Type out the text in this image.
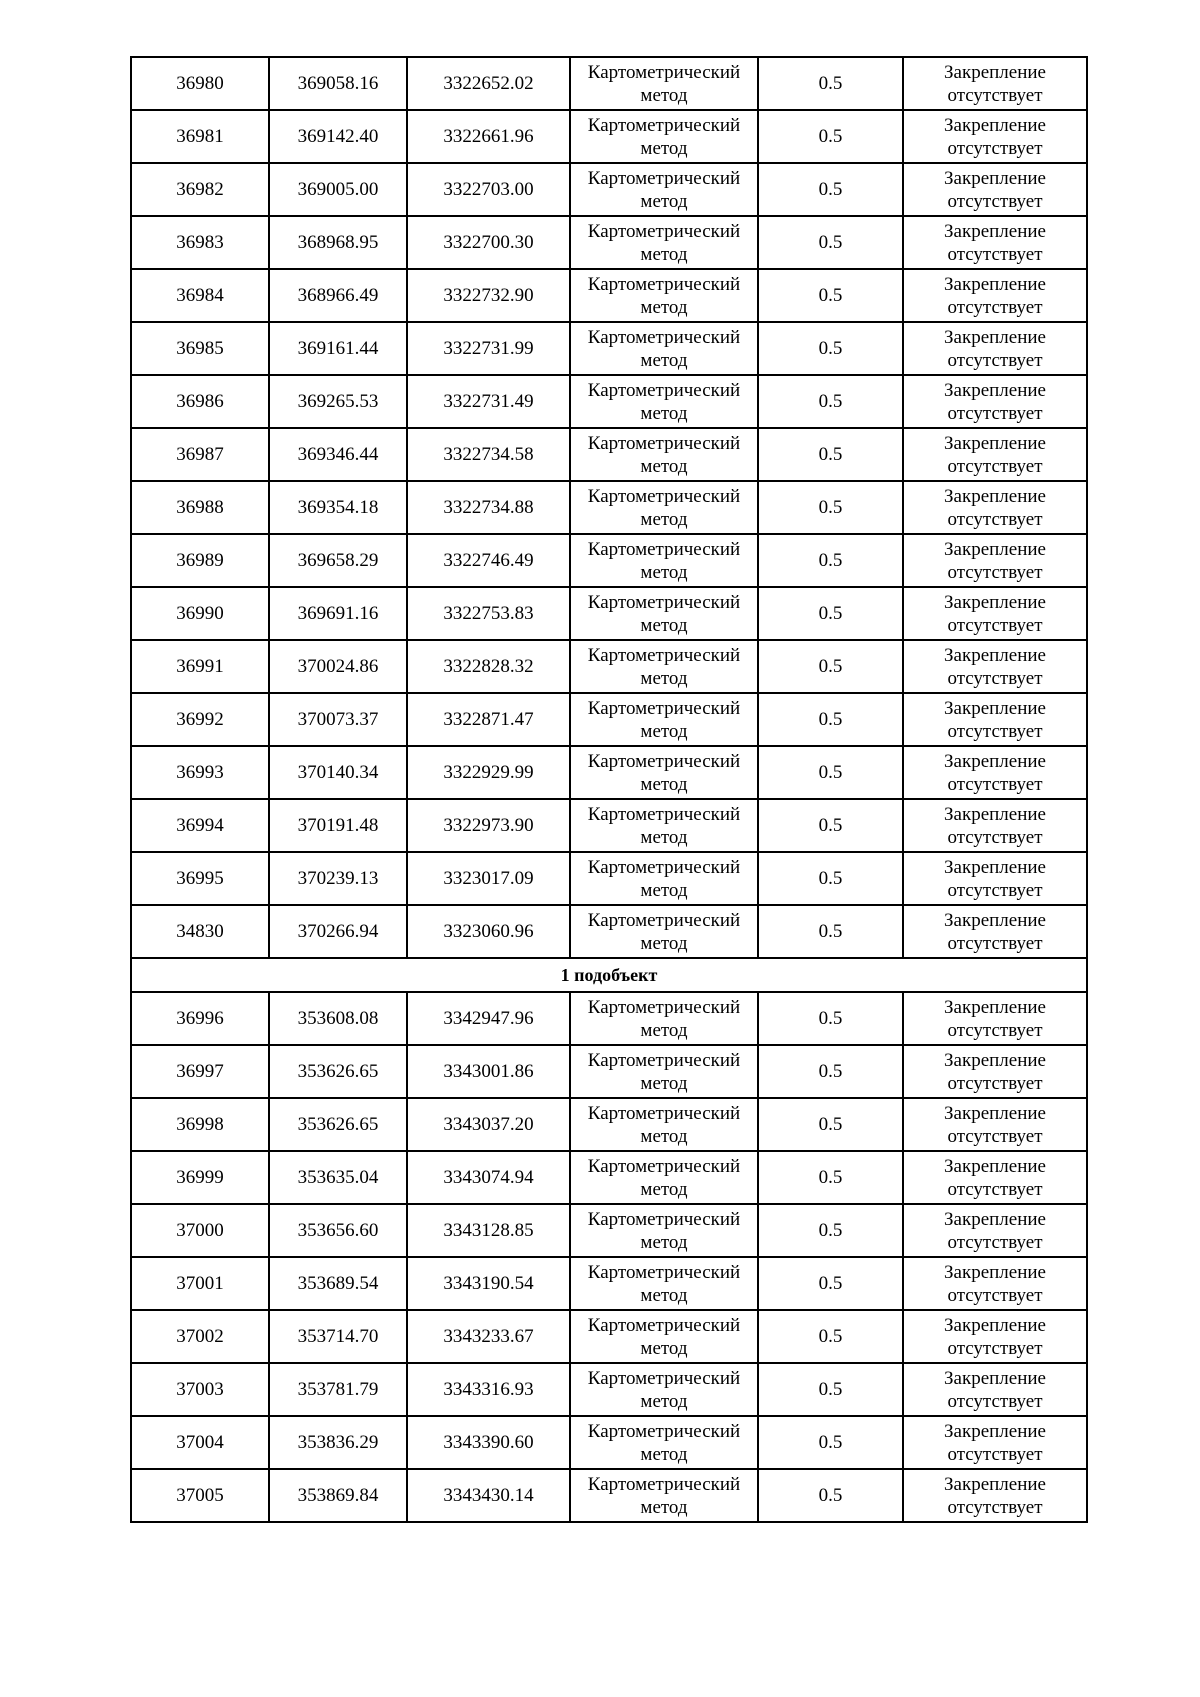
36980	369058.16	3322652.02	Картометрический метод	0.5	Закрепление отсутствует
36981	369142.40	3322661.96	Картометрический метод	0.5	Закрепление отсутствует
36982	369005.00	3322703.00	Картометрический метод	0.5	Закрепление отсутствует
36983	368968.95	3322700.30	Картометрический метод	0.5	Закрепление отсутствует
36984	368966.49	3322732.90	Картометрический метод	0.5	Закрепление отсутствует
36985	369161.44	3322731.99	Картометрический метод	0.5	Закрепление отсутствует
36986	369265.53	3322731.49	Картометрический метод	0.5	Закрепление отсутствует
36987	369346.44	3322734.58	Картометрический метод	0.5	Закрепление отсутствует
36988	369354.18	3322734.88	Картометрический метод	0.5	Закрепление отсутствует
36989	369658.29	3322746.49	Картометрический метод	0.5	Закрепление отсутствует
36990	369691.16	3322753.83	Картометрический метод	0.5	Закрепление отсутствует
36991	370024.86	3322828.32	Картометрический метод	0.5	Закрепление отсутствует
36992	370073.37	3322871.47	Картометрический метод	0.5	Закрепление отсутствует
36993	370140.34	3322929.99	Картометрический метод	0.5	Закрепление отсутствует
36994	370191.48	3322973.90	Картометрический метод	0.5	Закрепление отсутствует
36995	370239.13	3323017.09	Картометрический метод	0.5	Закрепление отсутствует
34830	370266.94	3323060.96	Картометрический метод	0.5	Закрепление отсутствует
1 подобъект					
36996	353608.08	3342947.96	Картометрический метод	0.5	Закрепление отсутствует
36997	353626.65	3343001.86	Картометрический метод	0.5	Закрепление отсутствует
36998	353626.65	3343037.20	Картометрический метод	0.5	Закрепление отсутствует
36999	353635.04	3343074.94	Картометрический метод	0.5	Закрепление отсутствует
37000	353656.60	3343128.85	Картометрический метод	0.5	Закрепление отсутствует
37001	353689.54	3343190.54	Картометрический метод	0.5	Закрепление отсутствует
37002	353714.70	3343233.67	Картометрический метод	0.5	Закрепление отсутствует
37003	353781.79	3343316.93	Картометрический метод	0.5	Закрепление отсутствует
37004	353836.29	3343390.60	Картометрический метод	0.5	Закрепление отсутствует
37005	353869.84	3343430.14	Картометрический метод	0.5	Закрепление отсутствует
